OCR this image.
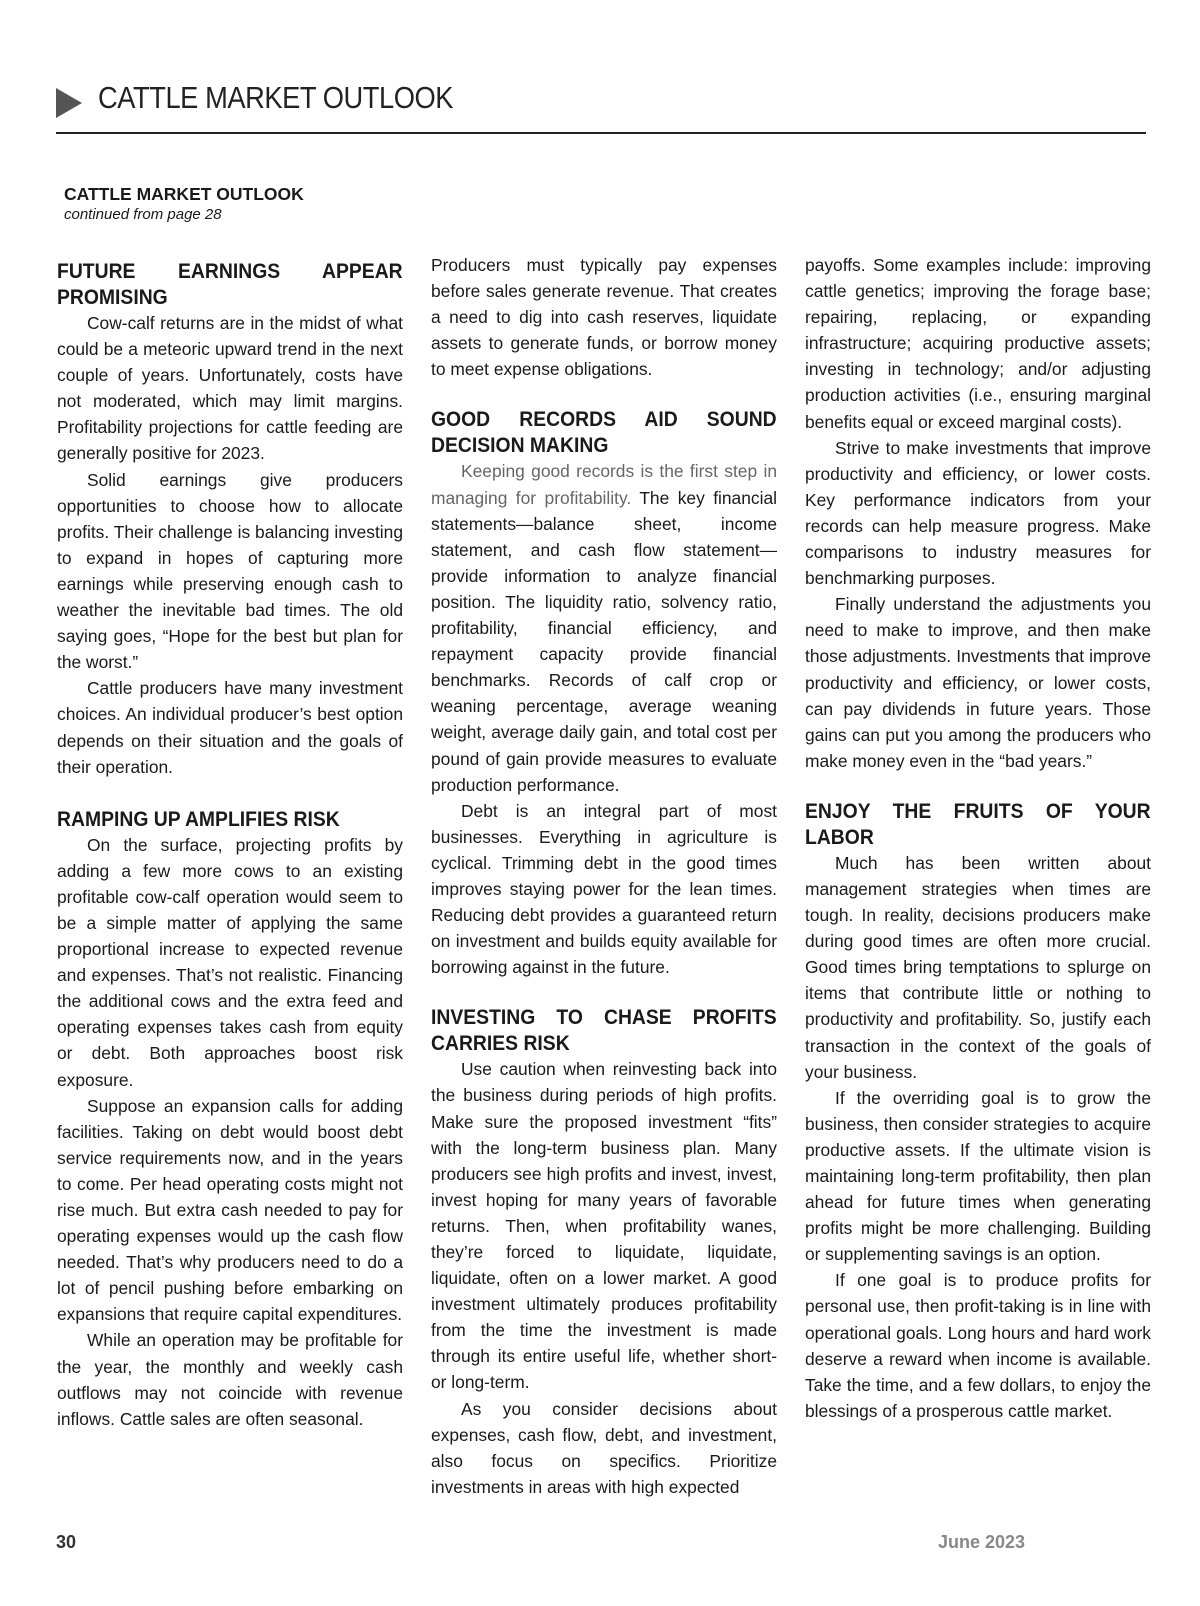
CATTLE MARKET OUTLOOK
CATTLE MARKET OUTLOOK
continued from page 28
FUTURE EARNINGS APPEAR PROMISING

Cow-calf returns are in the midst of what could be a meteoric upward trend in the next couple of years. Unfortunately, costs have not moderated, which may limit margins. Profitability projections for cattle feeding are generally positive for 2023.

Solid earnings give producers opportunities to choose how to allocate profits. Their challenge is balancing investing to expand in hopes of capturing more earnings while preserving enough cash to weather the inevitable bad times. The old saying goes, “Hope for the best but plan for the worst.”

Cattle producers have many investment choices. An individual producer’s best option depends on their situation and the goals of their operation.

RAMPING UP AMPLIFIES RISK

On the surface, projecting profits by adding a few more cows to an existing profitable cow-calf operation would seem to be a simple matter of applying the same proportional increase to expected revenue and expenses. That’s not realistic. Financing the additional cows and the extra feed and operating expenses takes cash from equity or debt. Both approaches boost risk exposure.

Suppose an expansion calls for adding facilities. Taking on debt would boost debt service requirements now, and in the years to come. Per head operating costs might not rise much. But extra cash needed to pay for operating expenses would up the cash flow needed. That’s why producers need to do a lot of pencil pushing before embarking on expansions that require capital expenditures.

While an operation may be profitable for the year, the monthly and weekly cash outflows may not coincide with revenue inflows. Cattle sales are often seasonal.

Producers must typically pay expenses before sales generate revenue. That creates a need to dig into cash reserves, liquidate assets to generate funds, or borrow money to meet expense obligations.

GOOD RECORDS AID SOUND DECISION MAKING

Keeping good records is the first step in managing for profitability. The key financial statements—balance sheet, income statement, and cash flow statement—provide information to analyze financial position. The liquidity ratio, solvency ratio, profitability, financial efficiency, and repayment capacity provide financial benchmarks. Records of calf crop or weaning percentage, average weaning weight, average daily gain, and total cost per pound of gain provide measures to evaluate production performance.

Debt is an integral part of most businesses. Everything in agriculture is cyclical. Trimming debt in the good times improves staying power for the lean times. Reducing debt provides a guaranteed return on investment and builds equity available for borrowing against in the future.

INVESTING TO CHASE PROFITS CARRIES RISK

Use caution when reinvesting back into the business during periods of high profits. Make sure the proposed investment “fits” with the long-term business plan. Many producers see high profits and invest, invest, invest hoping for many years of favorable returns. Then, when profitability wanes, they’re forced to liquidate, liquidate, liquidate, often on a lower market. A good investment ultimately produces profitability from the time the investment is made through its entire useful life, whether short- or long-term.

As you consider decisions about expenses, cash flow, debt, and investment, also focus on specifics. Prioritize investments in areas with high expected

payoffs. Some examples include: improving cattle genetics; improving the forage base; repairing, replacing, or expanding infrastructure; acquiring productive assets; investing in technology; and/or adjusting production activities (i.e., ensuring marginal benefits equal or exceed marginal costs).

Strive to make investments that improve productivity and efficiency, or lower costs. Key performance indicators from your records can help measure progress. Make comparisons to industry measures for benchmarking purposes.

Finally understand the adjustments you need to make to improve, and then make those adjustments. Investments that improve productivity and efficiency, or lower costs, can pay dividends in future years. Those gains can put you among the producers who make money even in the “bad years.”

ENJOY THE FRUITS OF YOUR LABOR

Much has been written about management strategies when times are tough. In reality, decisions producers make during good times are often more crucial. Good times bring temptations to splurge on items that contribute little or nothing to productivity and profitability. So, justify each transaction in the context of the goals of your business.

If the overriding goal is to grow the business, then consider strategies to acquire productive assets. If the ultimate vision is maintaining long-term profitability, then plan ahead for future times when generating profits might be more challenging. Building or supplementing savings is an option.

If one goal is to produce profits for personal use, then profit-taking is in line with operational goals. Long hours and hard work deserve a reward when income is available. Take the time, and a few dollars, to enjoy the blessings of a prosperous cattle market.

30	June 2023
